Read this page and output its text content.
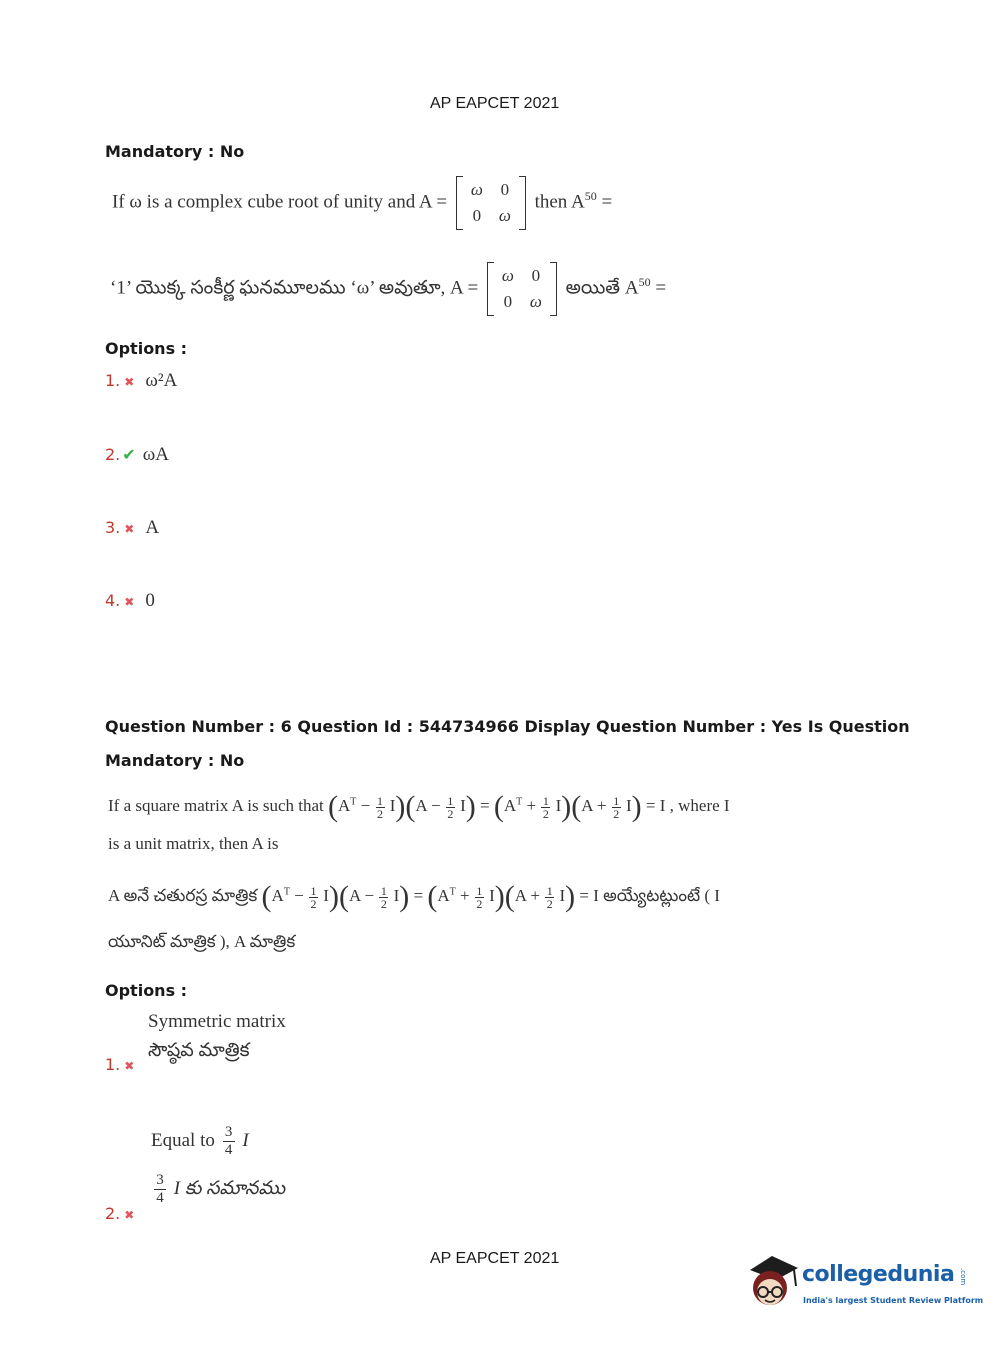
AP EAPCET 2021
Mandatory : No
If ω is a complex cube root of unity and A =
ω 0
0 ω
then $A^{50}$ =
‘1’ యొక్క సంకీర్ణ ఘనమూలము ‘ω’ అవుతూ, A =
ω 0
0 ω
అయితే $A^{50}$ =
Options :
1. ✖ ω²A
2. ✔ ωA
3. ✖ A
4. ✖ 0
Question Number : 6 Question Id : 544734966 Display Question Number : Yes Is Question
Mandatory : No
If a square matrix A is such that $(A^T - \frac{1}{2} I)(A - \frac{1}{2} I) = (A^T + \frac{1}{2} I)(A + \frac{1}{2} I) = I$ , where I
is a unit matrix, then A is
A అనే చతురస్ర మాత్రిక $(A^T - \frac{1}{2} I)(A - \frac{1}{2} I) = (A^T + \frac{1}{2} I)(A + \frac{1}{2} I) = I$ అయ్యేటట్లుంటే ( I
యూనిట్ మాత్రిక ), A మాత్రిక
Options :
Symmetric matrix
సౌష్ఠవ మాత్రిక
1. ✖
Equal to $\frac{3}{4}$ I
$\frac{3}{4}$ I కు సమానము
2. ✖
AP EAPCET 2021
collegedunia .com
India's largest Student Review Platform
